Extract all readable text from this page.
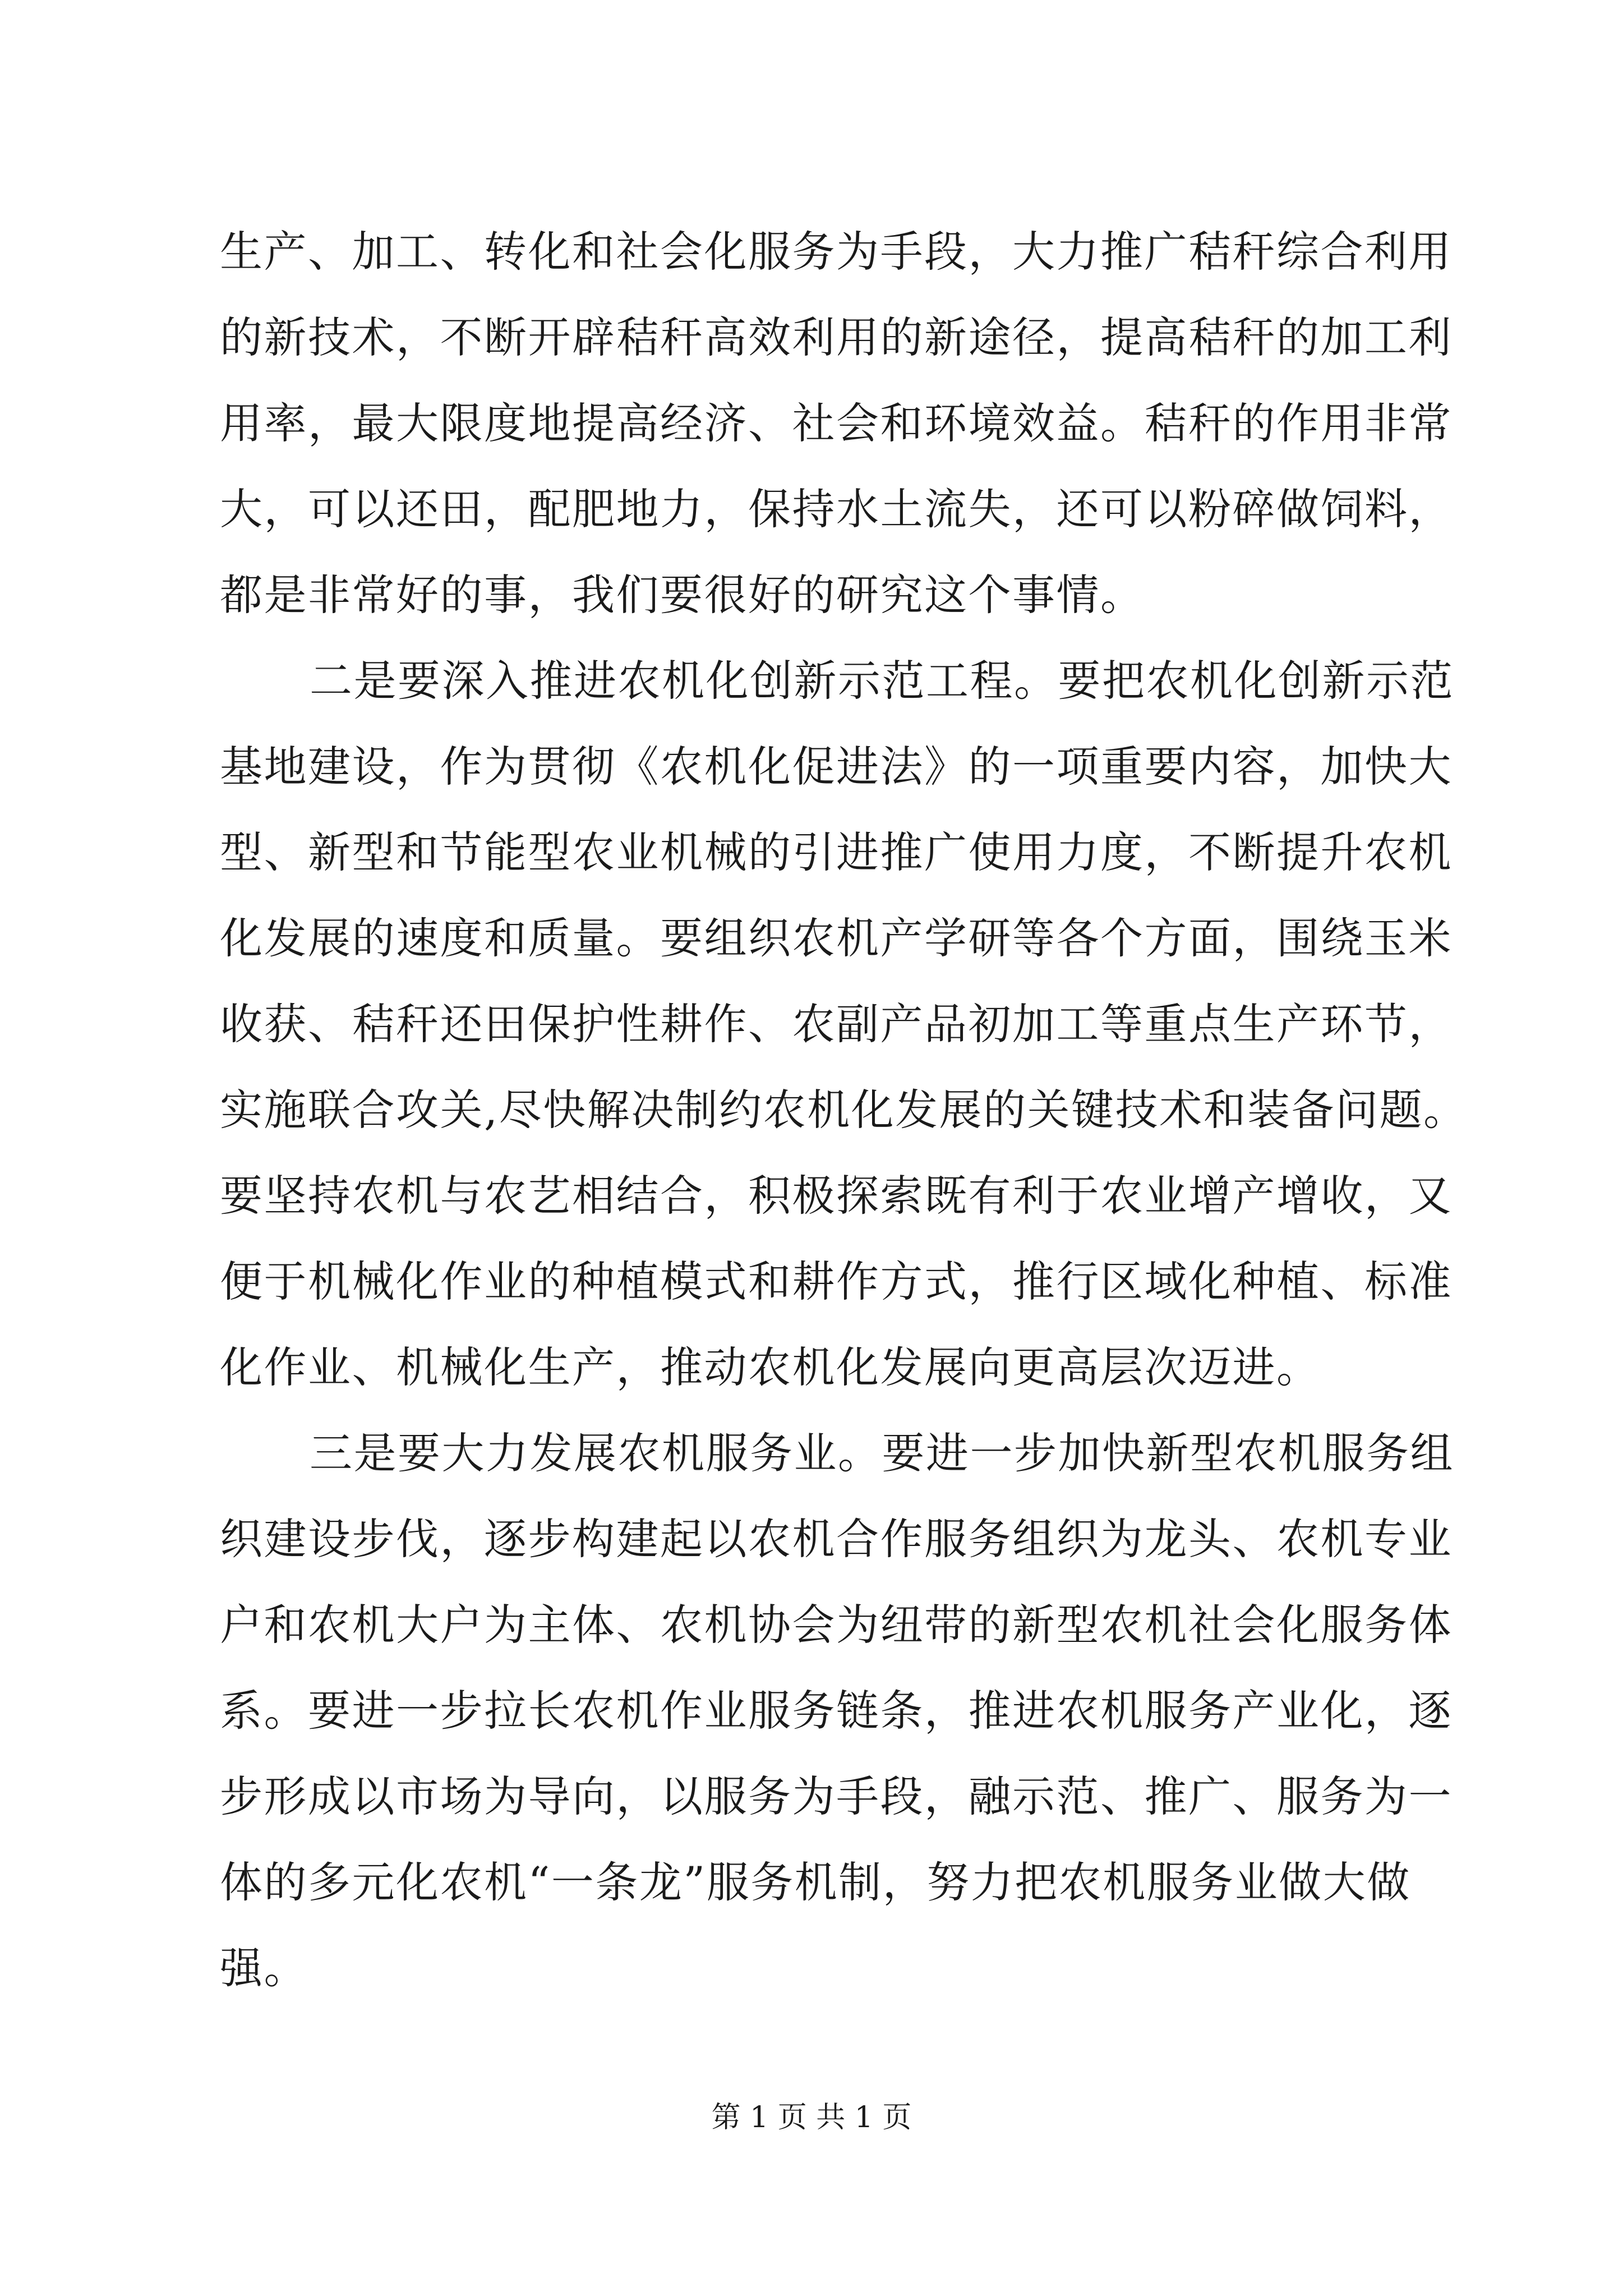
生产、加工、转化和社会化服务为手段，大力推广秸秆综合利用
的新技术，不断开辟秸秆高效利用的新途径，提高秸秆的加工利
用率，最大限度地提高经济、社会和环境效益。秸秆的作用非常
大，可以还田，配肥地力，保持水土流失，还可以粉碎做饲料，
都是非常好的事，我们要很好的研究这个事情。
二是要深入推进农机化创新示范工程。要把农机化创新示范
基地建设，作为贯彻《农机化促进法》的一项重要内容，加快大
型、新型和节能型农业机械的引进推广使用力度，不断提升农机
化发展的速度和质量。要组织农机产学研等各个方面，围绕玉米
收获、秸秆还田保护性耕作、农副产品初加工等重点生产环节，
实施联合攻关,尽快解决制约农机化发展的关键技术和装备问题。
要坚持农机与农艺相结合，积极探索既有利于农业增产增收，又
便于机械化作业的种植模式和耕作方式，推行区域化种植、标准
化作业、机械化生产，推动农机化发展向更高层次迈进。
三是要大力发展农机服务业。要进一步加快新型农机服务组
织建设步伐，逐步构建起以农机合作服务组织为龙头、农机专业
户和农机大户为主体、农机协会为纽带的新型农机社会化服务体
系。要进一步拉长农机作业服务链条，推进农机服务产业化，逐
步形成以市场为导向，以服务为手段，融示范、推广、服务为一
体的多元化农机“一条龙”服务机制，努力把农机服务业做大做
强。
第 1 页 共 1 页
